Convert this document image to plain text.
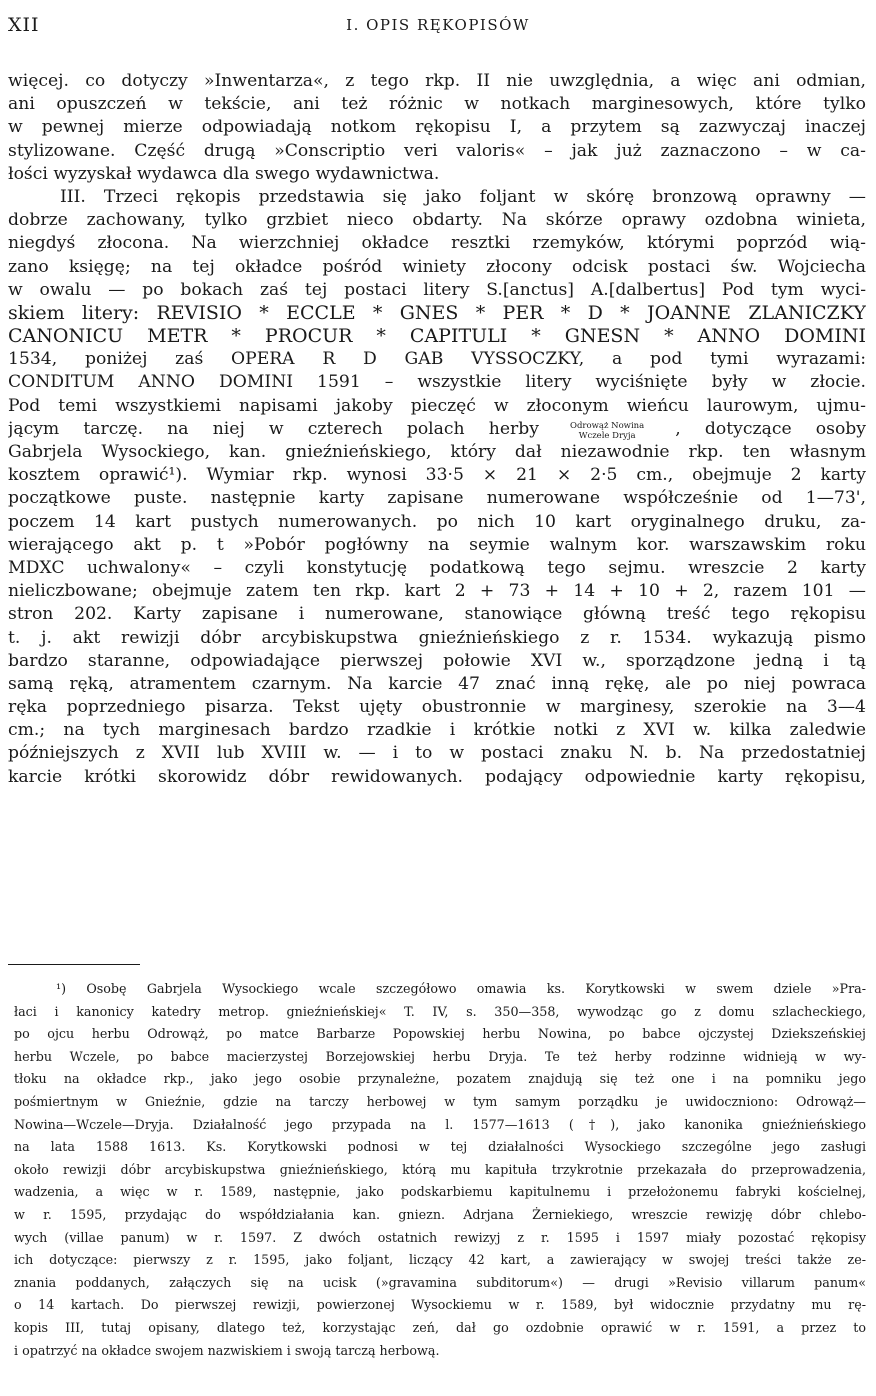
XII	I. OPIS RĘKOPISÓW
więcej. co dotyczy »Inwentarza«, z tego rkp. II nie uwzględnia, a więc ani odmian,
ani opuszczeń w tekście, ani też różnic w notkach marginesowych, które tylko
w pewnej mierze odpowiadają notkom rękopisu I, a przytem są zazwyczaj inaczej
stylizowane. Część drugą »Conscriptio veri valoris« – jak już zaznaczono – w ca-
łości wyzyskał wydawca dla swego wydawnictwa.
III. Trzeci rękopis przedstawia się jako foljant w skórę bronzową oprawny —
dobrze zachowany, tylko grzbiet nieco obdarty. Na skórze oprawy ozdobna winieta,
niegdyś złocona. Na wierzchniej okładce resztki rzemyków, którymi poprzód wią-
zano księgę; na tej okładce pośród winiety złocony odcisk postaci św. Wojciecha
w owalu — po bokach zaś tej postaci litery S.[anctus] A.[dalbertus] Pod tym wyci-
skiem litery: REVISIO * ECCLE * GNES * PER * D * JOANNE ZLANICZKY
CANONICU METR * PROCUR * CAPITULI * GNESN * ANNO DOMINI
1534, poniżej zaś OPERA R D GAB VYSSOCZKY, a pod tymi wyrazami:
CONDITUM ANNO DOMINI 1591 – wszystkie litery wyciśnięte były w złocie.
Pod temi wszystkiemi napisami jakoby pieczęć w złoconym wieńcu laurowym, ujmu-
jącym tarczę. na niej w czterech polach herby	Odrowąż Nowina
Wczele Dryja	, dotyczące osoby
Gabrjela Wysockiego, kan. gnieźnieńskiego, który dał niezawodnie rkp. ten własnym
kosztem oprawić¹). Wymiar rkp. wynosi 33·5 × 21 × 2·5 cm., obejmuje 2 karty
początkowe puste. następnie karty zapisane numerowane współcześnie od 1—73',
poczem 14 kart pustych numerowanych. po nich 10 kart oryginalnego druku, za-
wierającego akt p. t »Pobór pogłówny na seymie walnym kor. warszawskim roku
MDXC uchwalony« – czyli konstytucję podatkową tego sejmu. wreszcie 2 karty
nieliczbowane; obejmuje zatem ten rkp. kart 2 + 73 + 14 + 10 + 2, razem 101 —
stron 202. Karty zapisane i numerowane, stanowiące główną treść tego rękopisu
t. j. akt rewizji dóbr arcybiskupstwa gnieźnieńskiego z r. 1534. wykazują pismo
bardzo staranne, odpowiadające pierwszej połowie XVI w., sporządzone jedną i tą
samą ręką, atramentem czarnym. Na karcie 47 znać inną rękę, ale po niej powraca
ręka poprzedniego pisarza. Tekst ujęty obustronnie w marginesy, szerokie na 3—4
cm.; na tych marginesach bardzo rzadkie i krótkie notki z XVI w. kilka zaledwie
późniejszych z XVII lub XVIII w. — i to w postaci znaku N. b. Na przedostatniej
karcie krótki skorowidz dóbr rewidowanych. podający odpowiednie karty rękopisu,
¹) Osobę Gabrjela Wysockiego wcale szczegółowo omawia ks. Korytkowski w swem dziele »Pra-
łaci i kanonicy katedry metrop. gnieźnieńskiej« T. IV, s. 350—358, wywodząc go z domu szlacheckiego,
po ojcu herbu Odrowąż, po matce Barbarze Popowskiej herbu Nowina, po babce ojczystej Dziekszeńskiej
herbu Wczele, po babce macierzystej Borzejowskiej herbu Dryja. Te też herby rodzinne widnieją w wy-
tłoku na okładce rkp., jako jego osobie przynależne, pozatem znajdują się też one i na pomniku jego
pośmiertnym w Gnieźnie, gdzie na tarczy herbowej w tym samym porządku je uwidoczniono: Odrowąż—
Nowina—Wczele—Dryja. Działalność jego przypada na l. 1577—1613 (†), jako kanonika gnieźnieńskiego
na lata 1588 1613. Ks. Korytkowski podnosi w tej działalności Wysockiego szczególne jego zasługi
około rewizji dóbr arcybiskupstwa gnieźnieńskiego, którą mu kapituła trzykrotnie przekazała do przeprowadzenia,
wadzenia, a więc w r. 1589, następnie, jako podskarbiemu kapitulnemu i przełożonemu fabryki kościelnej,
w r. 1595, przydając do współdziałania kan. gniezn. Adrjana Żerniekiego, wreszcie rewizję dóbr chlebo-
wych (villae panum) w r. 1597. Z dwóch ostatnich rewizyj z r. 1595 i 1597 miały pozostać rękopisy
ich dotyczące: pierwszy z r. 1595, jako foljant, liczący 42 kart, a zawierający w swojej treści także ze-
znania poddanych, załączych się na ucisk (»gravamina subditorum«) — drugi »Revisio villarum panum«
o 14 kartach. Do pierwszej rewizji, powierzonej Wysockiemu w r. 1589, był widocznie przydatny mu rę-
kopis III, tutaj opisany, dlatego też, korzystając zeń, dał go ozdobnie oprawić w r. 1591, a przez to
i opatrzyć na okładce swojem nazwiskiem i swoją tarczą herbową.
